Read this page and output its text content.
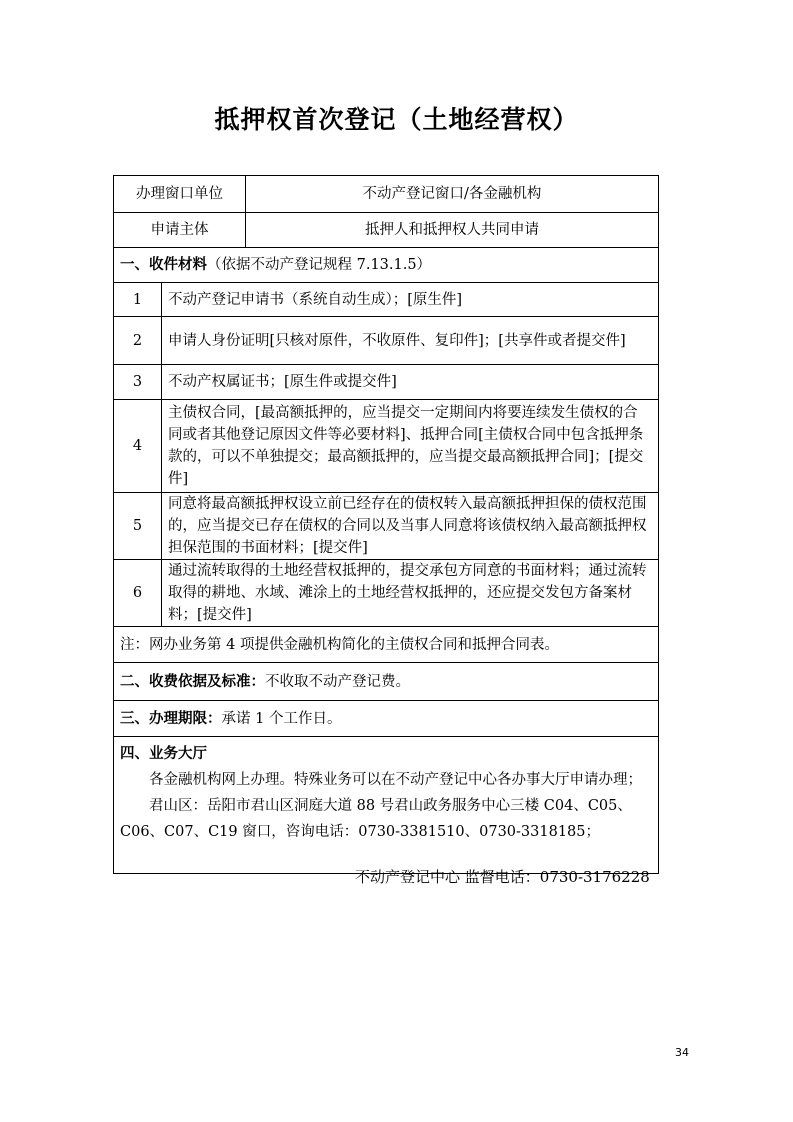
抵押权首次登记（土地经营权）
办理窗口单位		不动产登记窗口/各金融机构
申请主体		抵押人和抵押权人共同申请
一、收件材料（依据不动产登记规程 7.13.1.5）		
1	不动产登记申请书（系统自动生成）；[原生件]	
2	申请人身份证明[只核对原件，不收原件、复印件]；[共享件或者提交件]	
3	不动产权属证书；[原生件或提交件]	
4	主债权合同，[最高额抵押的，应当提交一定期间内将要连续发生债权的合同或者其他登记原因文件等必要材料]、抵押合同[主债权合同中包含抵押条款的，可以不单独提交；最高额抵押的，应当提交最高额抵押合同]；[提交件]	
5	同意将最高额抵押权设立前已经存在的债权转入最高额抵押担保的债权范围的，应当提交已存在债权的合同以及当事人同意将该债权纳入最高额抵押权担保范围的书面材料；[提交件]	
6	通过流转取得的土地经营权抵押的，提交承包方同意的书面材料；通过流转取得的耕地、水域、滩涂上的土地经营权抵押的，还应提交发包方备案材料；[提交件]	
注：网办业务第 4 项提供金融机构简化的主债权合同和抵押合同表。		
二、收费依据及标准：不收取不动产登记费。		
三、办理期限：承诺 1 个工作日。		

四、业务大厅
各金融机构网上办理。特殊业务可以在不动产登记中心各办事大厅申请办理；
君山区：岳阳市君山区洞庭大道 88 号君山政务服务中心三楼 C04、C05、C06、C07、C19 窗口，咨询电话：0730-3381510、0730-3318185；		
不动产登记中心 监督电话：0730-3176228
34
